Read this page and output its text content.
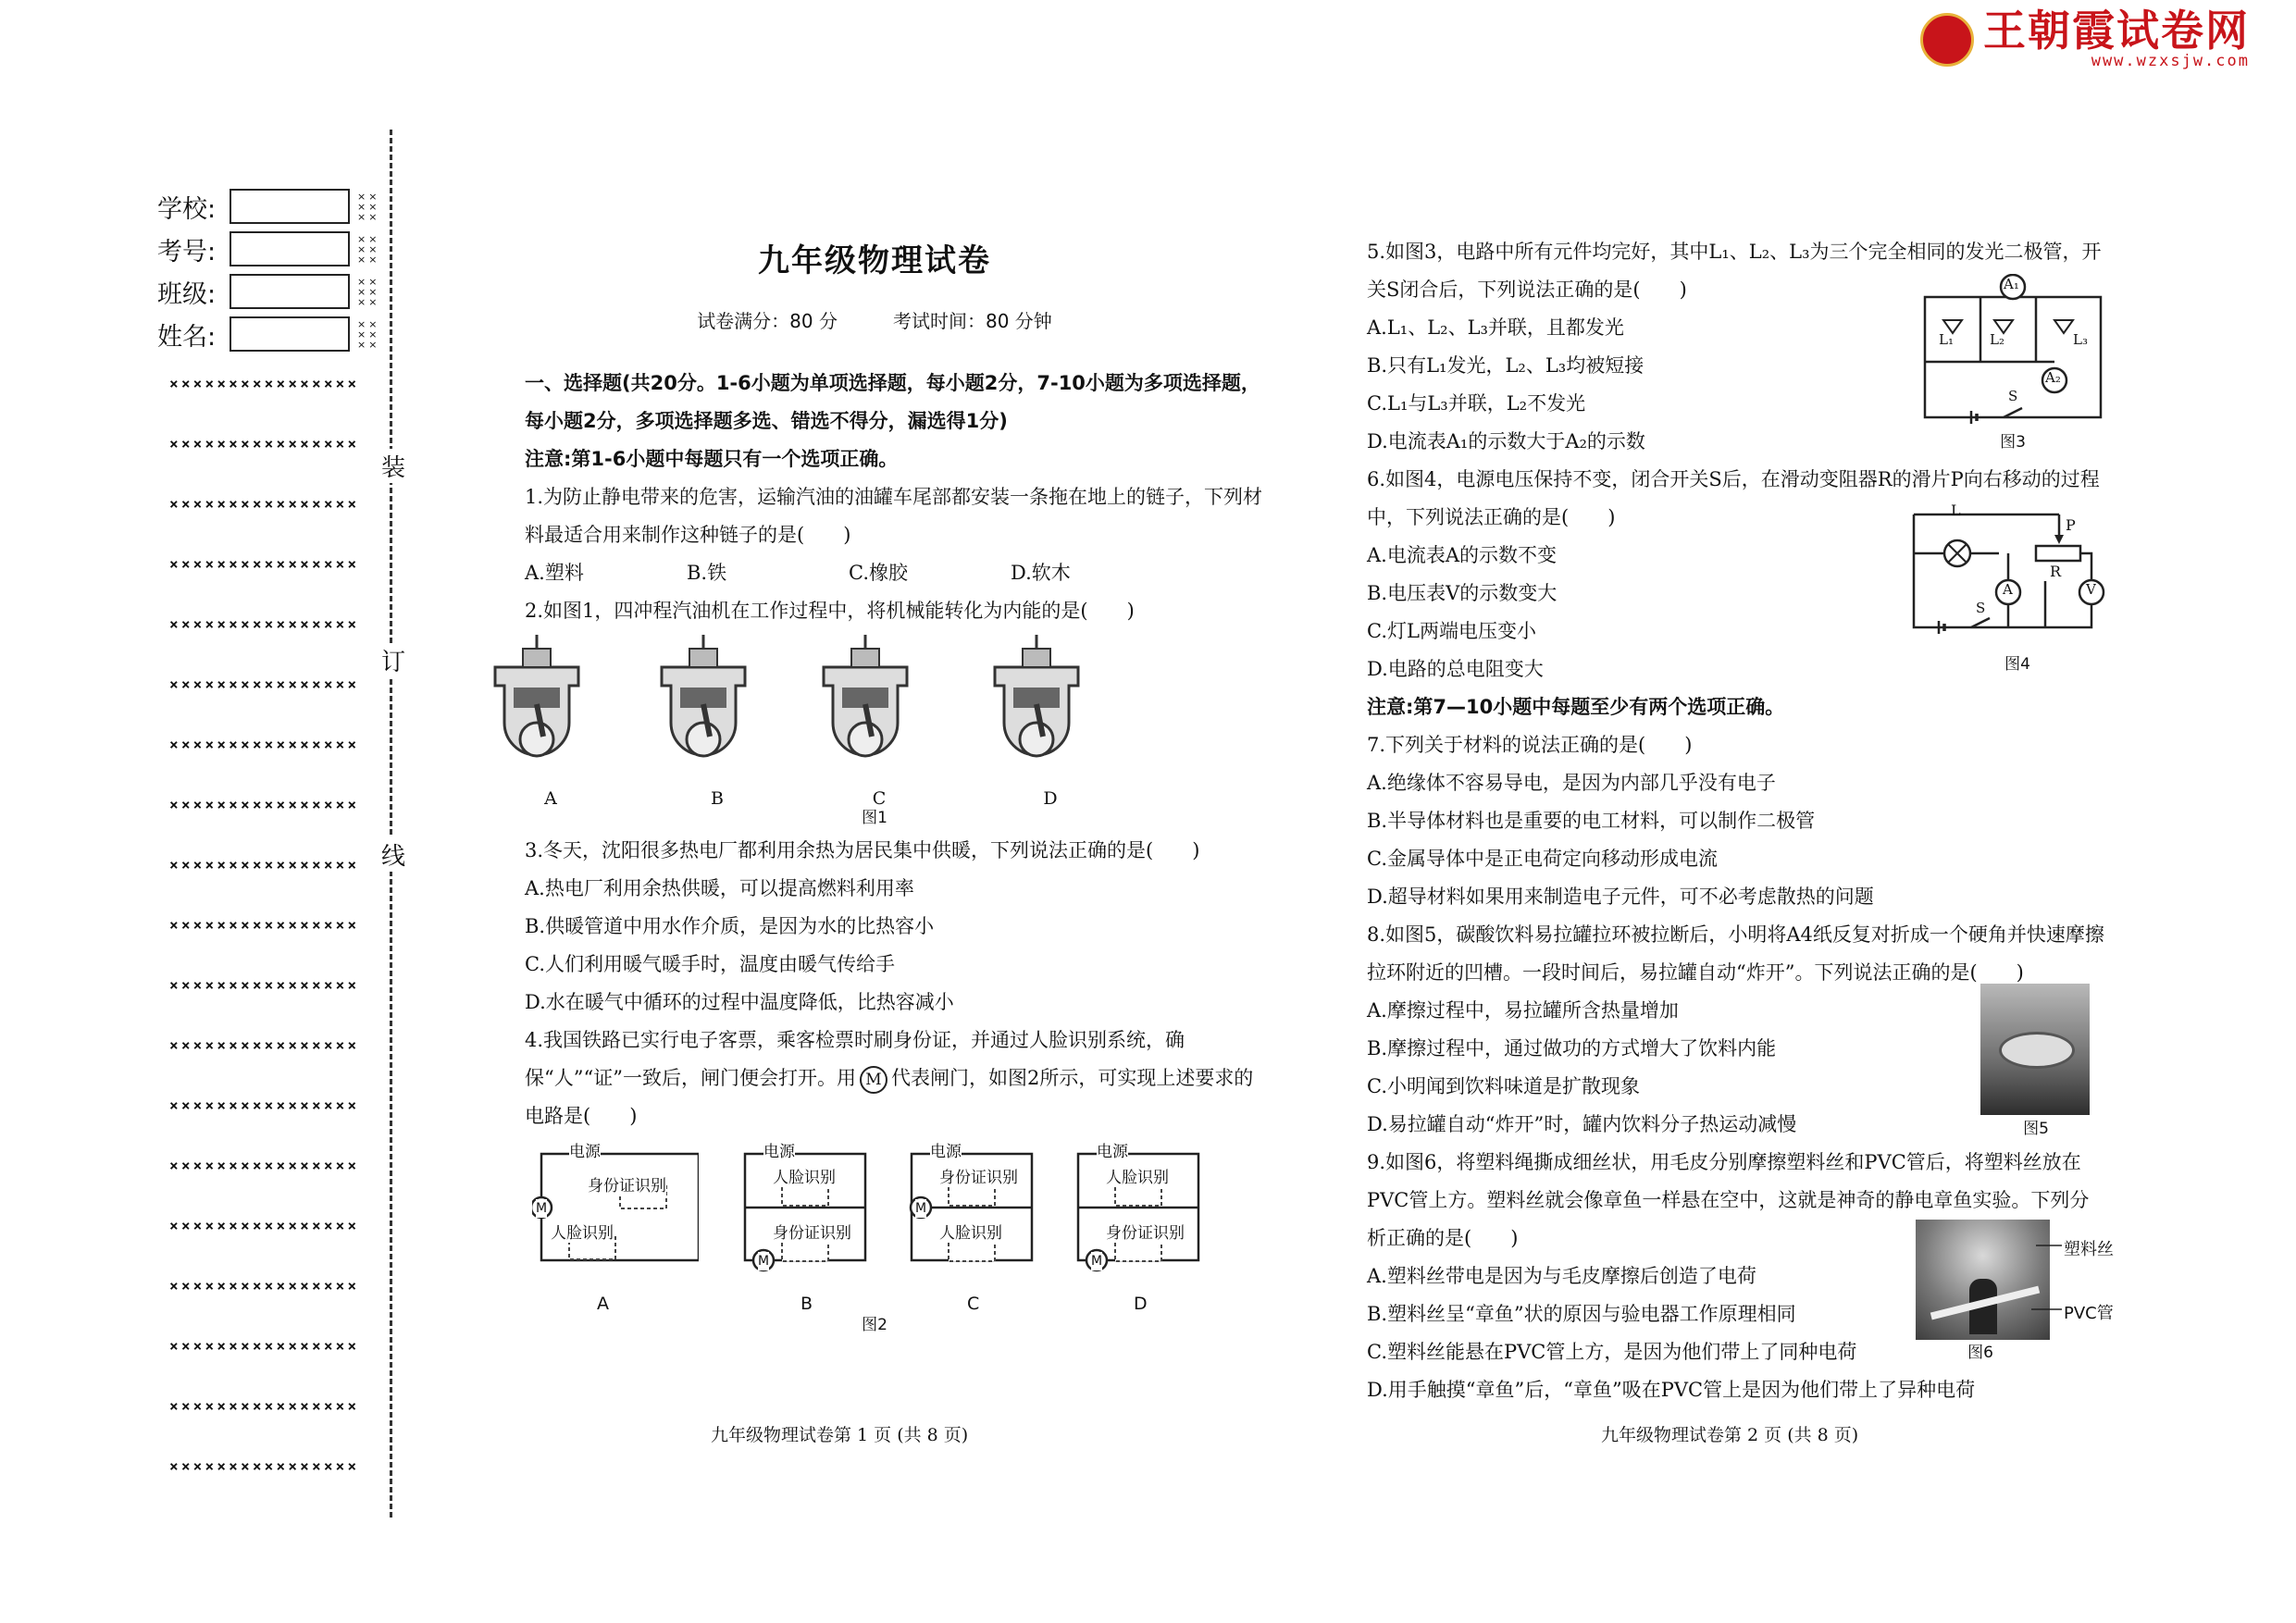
王朝霞试卷网
www.wzxsjw.com
学校:	××××××
考号:	××××××
班级:	××××××
姓名:	××××××
××××××××××××××××
××××××××××××××××
××××××××××××××××
××××××××××××××××
××××××××××××××××
××××××××××××××××
××××××××××××××××
××××××××××××××××
××××××××××××××××
××××××××××××××××
××××××××××××××××
××××××××××××××××
××××××××××××××××
××××××××××××××××
××××××××××××××××
××××××××××××××××
××××××××××××××××
××××××××××××××××
××××××××××××××××
装
订
线
九年级物理试卷
试卷满分：80 分　　　考试时间：80 分钟

一、选择题(共20分。1-6小题为单项选择题，每小题2分，7-10小题为多项选择题，每小题2分，多项选择题多选、错选不得分，漏选得1分)

注意:第1-6小题中每题只有一个选项正确。

1.为防止静电带来的危害，运输汽油的油罐车尾部都安装一条拖在地上的链子，下列材料最适合用来制作这种链子的是(　　)

A.塑料	B.铁	C.橡胶	D.软木

2.如图1，四冲程汽油机在工作过程中，将机械能转化为内能的是(　　)

A	B	C	D
图1

3.冬天，沈阳很多热电厂都利用余热为居民集中供暖，下列说法正确的是(　　)

A.热电厂利用余热供暖，可以提高燃料利用率

B.供暖管道中用水作介质，是因为水的比热容小

C.人们利用暖气暖手时，温度由暖气传给手

D.水在暖气中循环的过程中温度降低，比热容减小

4.我国铁路已实行电子客票，乘客检票时刷身份证，并通过人脸识别系统，确保“人”“证”一致后，闸门便会打开。用 M 代表闸门，如图2所示，可实现上述要求的电路是(　　)

电源
身份证识别
人脸识别
M
A
电源
人脸识别
身份证识别
M
B
电源
身份证识别
人脸识别
M
C
电源
人脸识别
身份证识别
M
D
图2
九年级物理试卷第 1 页 (共 8 页)

5.如图3，电路中所有元件均完好，其中L₁、L₂、L₃为三个完全相同的发光二极管，开关S闭合后，下列说法正确的是(　　)

A.L₁、L₂、L₃并联，且都发光

B.只有L₁发光，L₂、L₃均被短接

C.L₁与L₃并联，L₂不发光

D.电流表A₁的示数大于A₂的示数

6.如图4，电源电压保持不变，闭合开关S后，在滑动变阻器R的滑片P向右移动的过程中，下列说法正确的是(　　)

A.电流表A的示数不变

B.电压表V的示数变大

C.灯L两端电压变小

D.电路的总电阻变大

注意:第7—10小题中每题至少有两个选项正确。

7.下列关于材料的说法正确的是(　　)

A.绝缘体不容易导电，是因为内部几乎没有电子

B.半导体材料也是重要的电工材料，可以制作二极管

C.金属导体中是正电荷定向移动形成电流

D.超导材料如果用来制造电子元件，可不必考虑散热的问题

8.如图5，碳酸饮料易拉罐拉环被拉断后，小明将A4纸反复对折成一个硬角并快速摩擦拉环附近的凹槽。一段时间后，易拉罐自动“炸开”。下列说法正确的是(　　)

A.摩擦过程中，易拉罐所含热量增加

B.摩擦过程中，通过做功的方式增大了饮料内能

C.小明闻到饮料味道是扩散现象

D.易拉罐自动“炸开”时，罐内饮料分子热运动减慢

9.如图6，将塑料绳撕成细丝状，用毛皮分别摩擦塑料丝和PVC管后，将塑料丝放在PVC管上方。塑料丝就会像章鱼一样悬在空中，这就是神奇的静电章鱼实验。下列分析正确的是(　　)

A.塑料丝带电是因为与毛皮摩擦后创造了电荷

B.塑料丝呈“章鱼”状的原因与验电器工作原理相同

C.塑料丝能悬在PVC管上方，是因为他们带上了同种电荷

D.用手触摸“章鱼”后，“章鱼”吸在PVC管上是因为他们带上了异种电荷

九年级物理试卷第 2 页 (共 8 页)
A₁
A₂
L₁	L₂	L₃
S
图3
L
P
R
A	V
S
图4
图5
塑料丝
PVC管
图6
